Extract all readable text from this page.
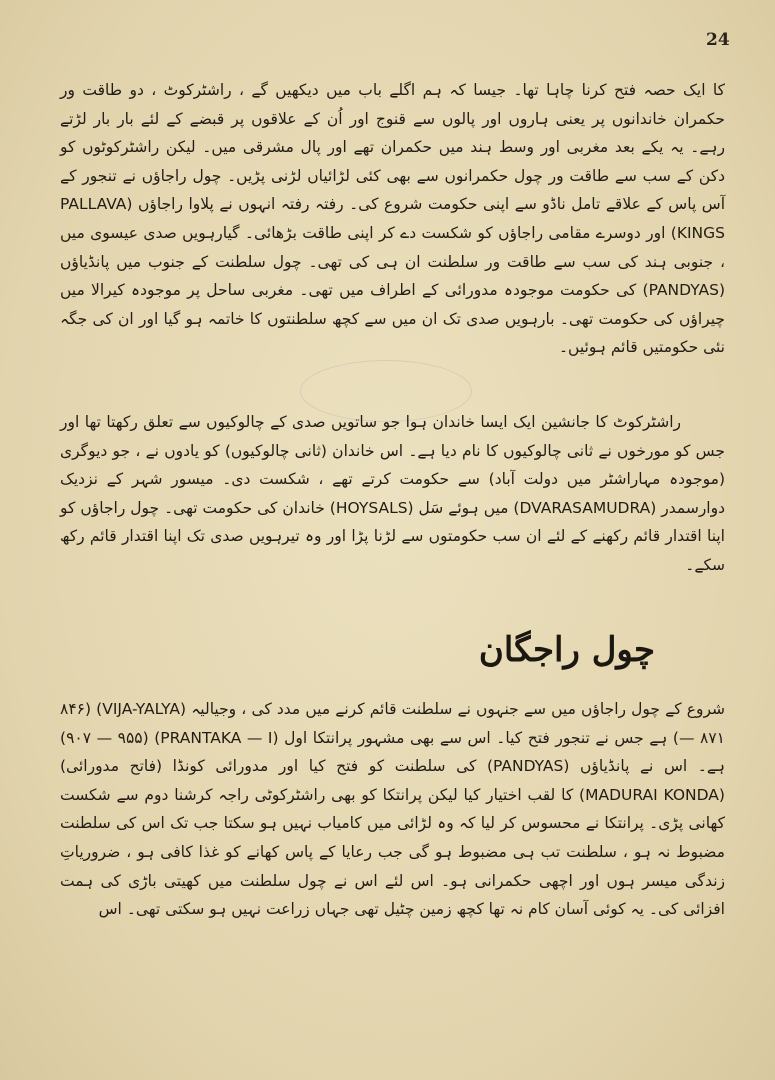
24

کا ایک حصہ فتح کرنا چاہا تھا۔ جیسا کہ ہم اگلے باب میں دیکھیں گے ، راشٹرکوٹ ، دو طاقت ور حکمران خاندانوں پر یعنی ہاروں اور پالوں سے قنوج اور اُن کے علاقوں پر قبضے کے لئے بار بار لڑتے رہے۔ یہ یکے بعد مغربی اور وسط ہند میں حکمران تھے اور پال مشرقی میں۔ لیکن راشٹرکوٹوں کو دکن کے سب سے طاقت ور چول حکمرانوں سے بھی کئی لڑائیاں لڑنی پڑیں۔ چول راجاؤں نے تنجور کے آس پاس کے علاقے تامل ناڈو سے اپنی حکومت شروع کی۔ رفتہ رفتہ انہوں نے پلاوا راجاؤں (PALLAVA KINGS) اور دوسرے مقامی راجاؤں کو شکست دے کر اپنی طاقت بڑھائی۔ گیارہویں صدی عیسوی میں ، جنوبی ہند کی سب سے طاقت ور سلطنت ان ہی کی تھی۔ چول سلطنت کے جنوب میں پانڈیاؤں (PANDYAS) کی حکومت موجودہ مدورائی کے اطراف میں تھی۔ مغربی ساحل پر موجودہ کیرالا میں چیراؤں کی حکومت تھی۔ بارہویں صدی تک ان میں سے کچھ سلطنتوں کا خاتمہ ہو گیا اور ان کی جگہ نئی حکومتیں قائم ہوئیں۔

راشٹرکوٹ کا جانشین ایک ایسا خاندان ہوا جو ساتویں صدی کے چالوکیوں سے تعلق رکھتا تھا اور جس کو مورخوں نے ثانی چالوکیوں کا نام دیا ہے۔ اس خاندان (ثانی چالوکیوں) کو یادوں نے ، جو دیوگری (موجودہ مہاراشٹر میں دولت آباد) سے حکومت کرتے تھے ، شکست دی۔ میسور شہر کے نزدیک دوارسمدر (DVARASAMUDRA) میں ہوئے سَل (HOYSALS) خاندان کی حکومت تھی۔ چول راجاؤں کو اپنا اقتدار قائم رکھنے کے لئے ان سب حکومتوں سے لڑنا پڑا اور وہ تیرہویں صدی تک اپنا اقتدار قائم رکھ سکے۔

چول راجگان

شروع کے چول راجاؤں میں سے جنہوں نے سلطنت قائم کرنے میں مدد کی ، وجیالیہ (VIJA-YALYA) (۸۴۶ — ۸۷۱) ہے جس نے تنجور فتح کیا۔ اس سے بھی مشہور پرانتکا اول (PRANTAKA — I) (۹۰۷ — ۹۵۵) ہے۔ اس نے پانڈیاؤں (PANDYAS) کی سلطنت کو فتح کیا اور مدورائی کونڈا (فاتح مدورائی) (MADURAI KONDA) کا لقب اختیار کیا لیکن پرانتکا کو بھی راشٹرکوٹی راجہ کرشنا دوم سے شکست کھانی پڑی۔ پرانتکا نے محسوس کر لیا کہ وہ لڑائی میں کامیاب نہیں ہو سکتا جب تک اس کی سلطنت مضبوط نہ ہو ، سلطنت تب ہی مضبوط ہو گی جب رعایا کے پاس کھانے کو غذا کافی ہو ، ضروریاتِ زندگی میسر ہوں اور اچھی حکمرانی ہو۔ اس لئے اس نے چول سلطنت میں کھیتی باڑی کی ہمت افزائی کی۔ یہ کوئی آسان کام نہ تھا کچھ زمین چٹیل تھی جہاں زراعت نہیں ہو سکتی تھی۔ اس
